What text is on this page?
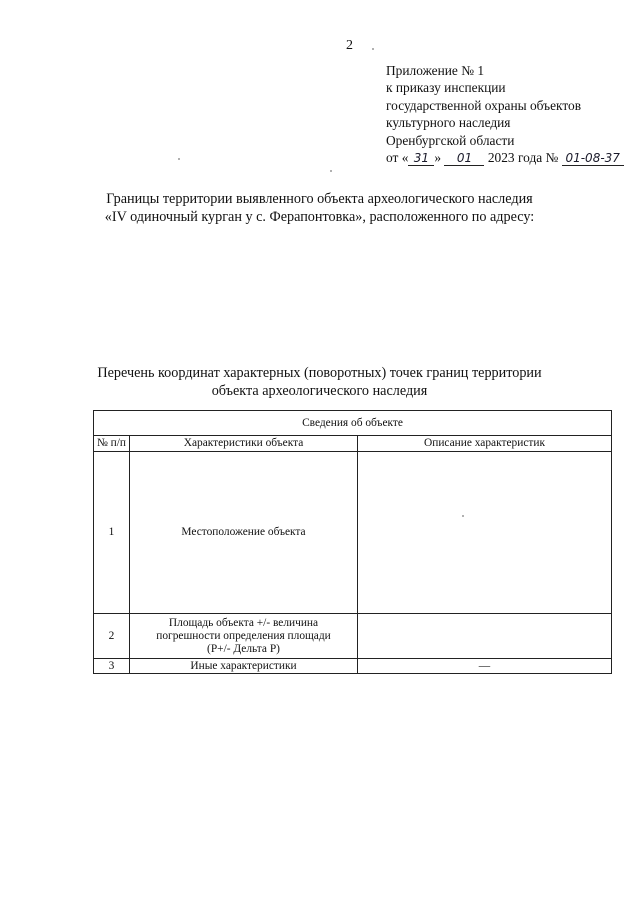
2
Приложение № 1
к приказу инспекции
государственной охраны объектов
культурного наследия
Оренбургской области
от « 31 » 01 2023 года № 01-08-37
Границы территории выявленного объекта археологического наследия
«IV одиночный курган у с. Ферапонтовка», расположенного по адресу:
Перечень координат характерных (поворотных) точек границ территории
объекта археологического наследия
Сведения об объекте		
№ п/п	Характеристики объекта	Описание характеристик
1	Местоположение объекта	
2	Площадь объекта +/- величина
погрешности определения площади
(P+/- Дельта P)	

3	Иные характеристики	—
